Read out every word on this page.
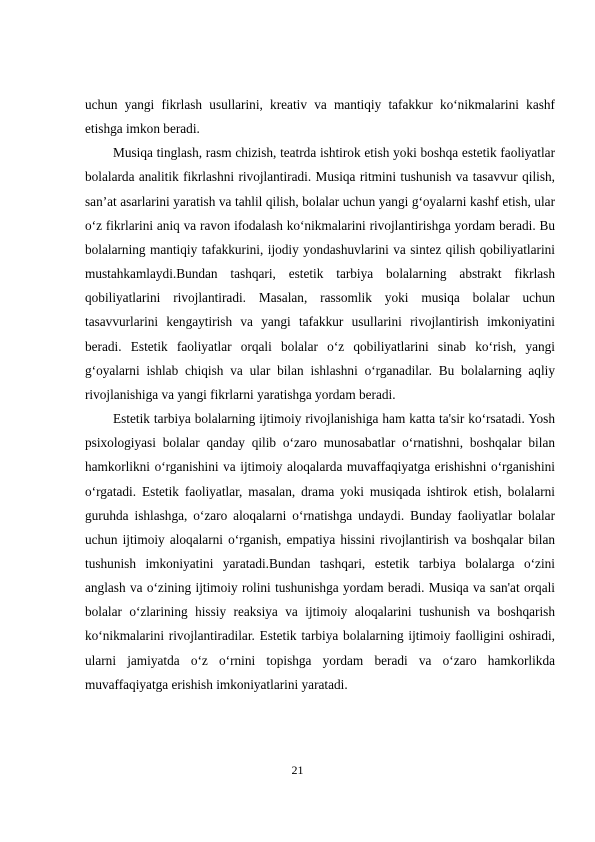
uchun yangi fikrlash usullarini, kreativ va mantiqiy tafakkur ko‘nikmalarini kashf etishga imkon beradi.

Musiqa tinglash, rasm chizish, teatrda ishtirok etish yoki boshqa estetik faoliyatlar bolalarda analitik fikrlashni rivojlantiradi. Musiqa ritmini tushunish va tasavvur qilish, san’at asarlarini yaratish va tahlil qilish, bolalar uchun yangi g‘oyalarni kashf etish, ular o‘z fikrlarini aniq va ravon ifodalash ko‘nikmalarini rivojlantirishga yordam beradi. Bu bolalarning mantiqiy tafakkurini, ijodiy yondashuvlarini va sintez qilish qobiliyatlarini mustahkamlaydi.Bundan tashqari, estetik tarbiya bolalarning abstrakt fikrlash qobiliyatlarini rivojlantiradi. Masalan, rassomlik yoki musiqa bolalar uchun tasavvurlarini kengaytirish va yangi tafakkur usullarini rivojlantirish imkoniyatini beradi. Estetik faoliyatlar orqali bolalar o‘z qobiliyatlarini sinab ko‘rish, yangi g‘oyalarni ishlab chiqish va ular bilan ishlashni o‘rganadilar. Bu bolalarning aqliy rivojlanishiga va yangi fikrlarni yaratishga yordam beradi.

Estetik tarbiya bolalarning ijtimoiy rivojlanishiga ham katta ta'sir ko‘rsatadi. Yosh psixologiyasi bolalar qanday qilib o‘zaro munosabatlar o‘rnatishni, boshqalar bilan hamkorlikni o‘rganishini va ijtimoiy aloqalarda muvaffaqiyatga erishishni o‘rganishini o‘rgatadi. Estetik faoliyatlar, masalan, drama yoki musiqada ishtirok etish, bolalarni guruhda ishlashga, o‘zaro aloqalarni o‘rnatishga undaydi. Bunday faoliyatlar bolalar uchun ijtimoiy aloqalarni o‘rganish, empatiya hissini rivojlantirish va boshqalar bilan tushunish imkoniyatini yaratadi.Bundan tashqari, estetik tarbiya bolalarga o‘zini anglash va o‘zining ijtimoiy rolini tushunishga yordam beradi. Musiqa va san'at orqali bolalar o‘zlarining hissiy reaksiya va ijtimoiy aloqalarini tushunish va boshqarish ko‘nikmalarini rivojlantiradilar. Estetik tarbiya bolalarning ijtimoiy faolligini oshiradi, ularni jamiyatda o‘z o‘rnini topishga yordam beradi va o‘zaro hamkorlikda muvaffaqiyatga erishish imkoniyatlarini yaratadi.

21
